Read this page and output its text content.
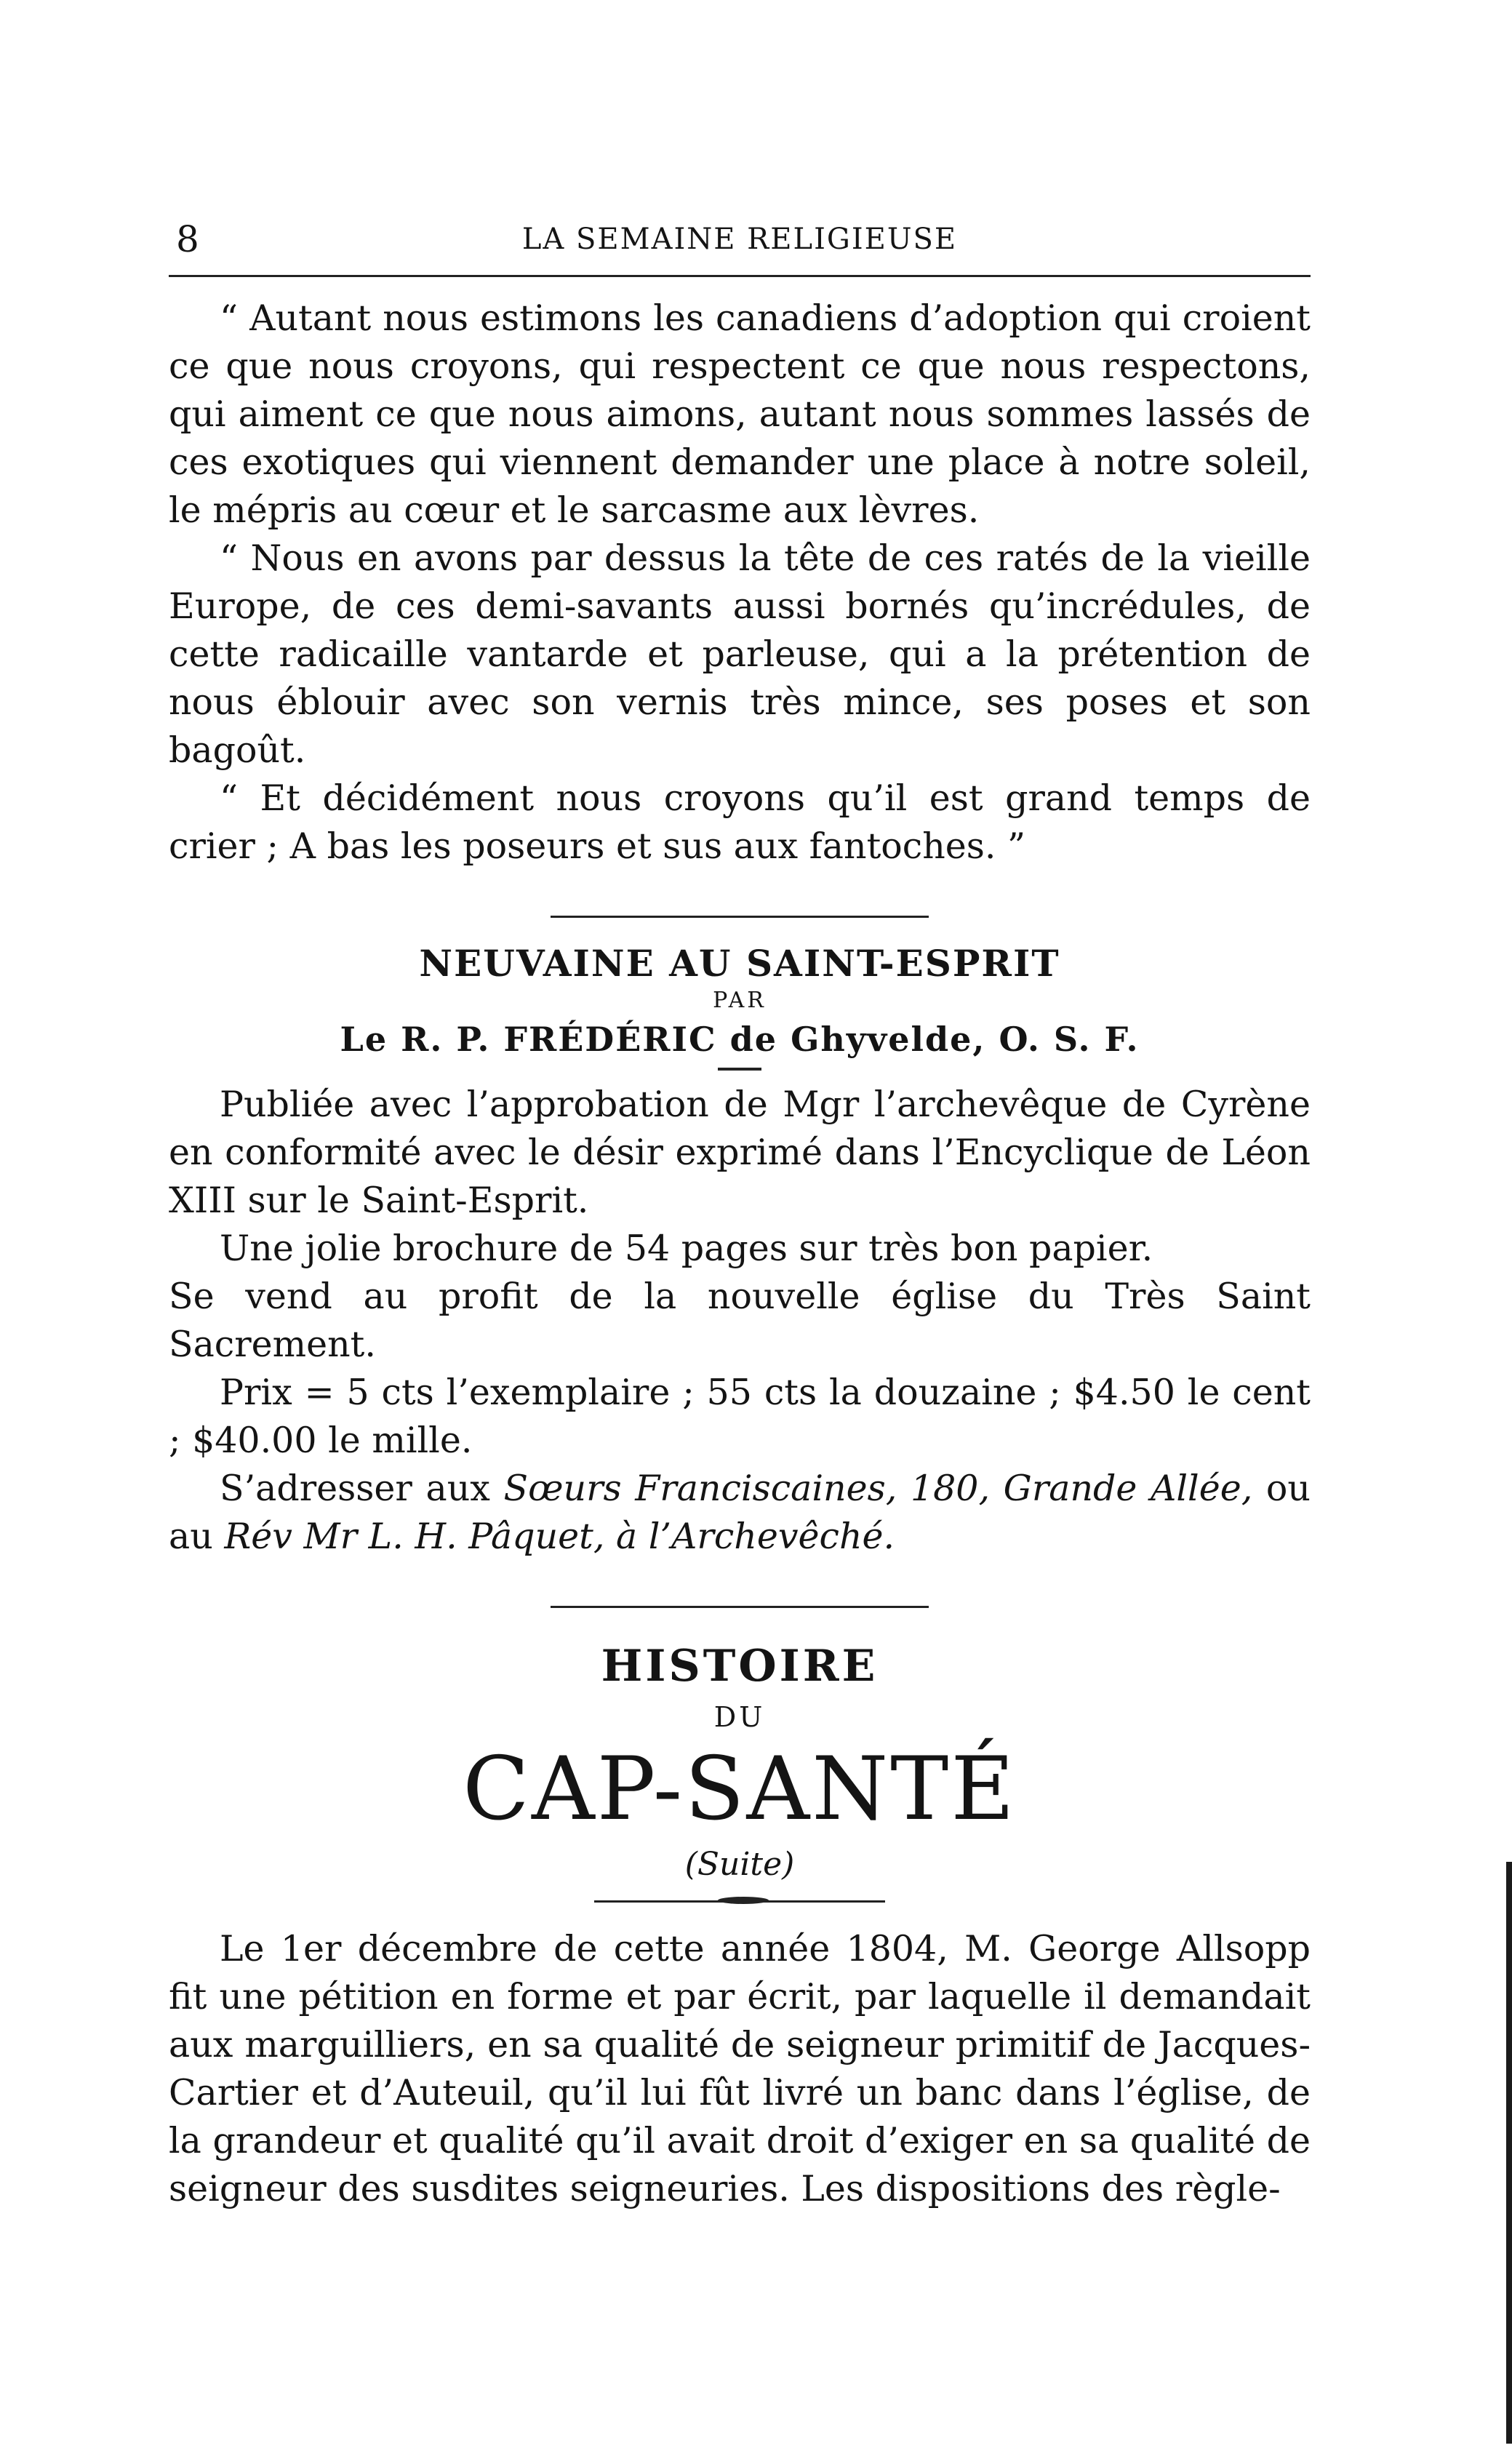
8	LA SEMAINE RELIGIEUSE

“ Autant nous estimons les canadiens d’adoption qui croient ce que nous croyons, qui respectent ce que nous respectons, qui aiment ce que nous aimons, autant nous sommes lassés de ces exotiques qui viennent demander une place à notre soleil, le mépris au cœur et le sarcasme aux lèvres.

“ Nous en avons par dessus la tête de ces ratés de la vieille Europe, de ces demi-savants aussi bornés qu’incrédules, de cette radicaille vantarde et parleuse, qui a la prétention de nous éblouir avec son vernis très mince, ses poses et son bagoût.

“ Et décidément nous croyons qu’il est grand temps de crier ; A bas les poseurs et sus aux fantoches. ”

NEUVAINE AU SAINT-ESPRIT
PAR
Le R. P. FRÉDÉRIC de Ghyvelde, O. S. F.

Publiée avec l’approbation de Mgr l’archevêque de Cyrène en conformité avec le désir exprimé dans l’Encyclique de Léon XIII sur le Saint-Esprit.

Une jolie brochure de 54 pages sur très bon papier.

Se vend au profit de la nouvelle église du Très Saint Sacrement.

Prix = 5 cts l’exemplaire ; 55 cts la douzaine ; $4.50 le cent ; $40.00 le mille.

S’adresser aux Sœurs Franciscaines, 180, Grande Allée, ou au Rév Mr L. H. Pâquet, à l’Archevêché.

HISTOIRE
DU
CAP-SANTÉ
(Suite)

Le 1er décembre de cette année 1804, M. George Allsopp fit une pétition en forme et par écrit, par laquelle il demandait aux marguilliers, en sa qualité de seigneur primitif de Jacques-Cartier et d’Auteuil, qu’il lui fût livré un banc dans l’église, de la grandeur et qualité qu’il avait droit d’exiger en sa qualité de seigneur des susdites seigneuries. Les dispositions des règle-
